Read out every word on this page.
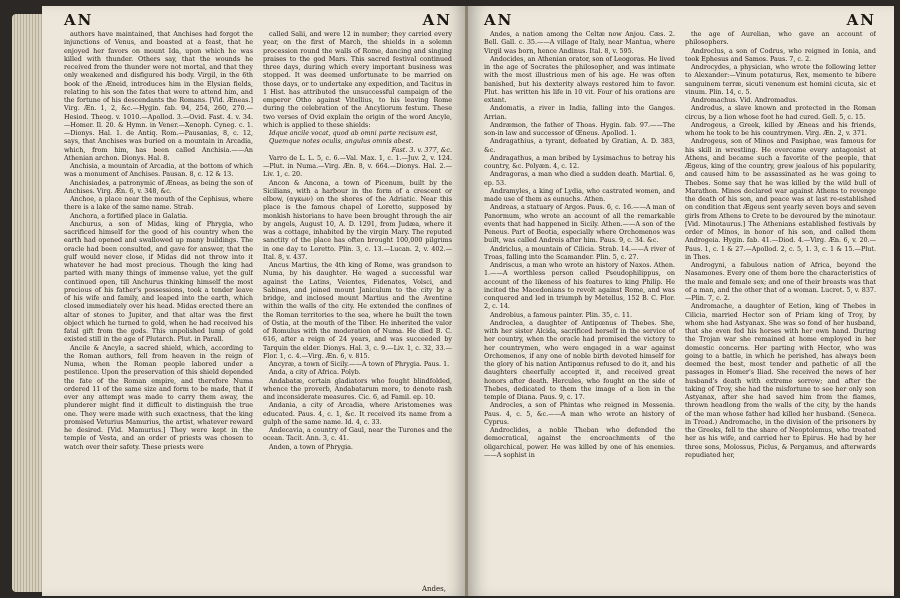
AN	AN

authors have maintained, that Anchises had forgot the injunctions of Venus, and boasted at a feast, that he enjoyed her favors on mount Ida, upon which he was killed with thunder. Others say, that the wounds he received from the thunder were not mortal, and that they only weakened and disfigured his body. Virgil, in the 6th book of the Æneid, introduces him in the Elysian fields, relating to his son the fates that were to attend him, and the fortune of his descendants the Romans. [Vid. Æneas.] Virg. Æn. 1, 2, &c.—Hygin. fab. 94, 254, 260, 270.—Hesiod. Theog. v. 1010.—Apollod. 3.—Ovid. Fast. 4. v. 34.—Homer. Il. 20. & Hymn. in Vener.—Xenoph. Cyneg. c. 1.—Dionys. Hal. 1. de Antiq. Rom.—Pausanias, 8, c. 12, says, that Anchises was buried on a mountain in Arcadia, which, from him, has been called Anchisia.——An Athenian archon. Dionys. Hal. 8.

Anchisia, a mountain of Arcadia, at the bottom of which was a monument of Anchises. Pausan. 8, c. 12 & 13.

Anchisiades, a patronymic of Æneas, as being the son of Anchises. Virg. Æn. 6, v. 348, &c.

Anchoe, a place near the mouth of the Cephisus, where there is a lake of the same name. Strab.

Anchora, a fortified place in Galatia.

Anchurus, a son of Midas, king of Phrygia, who sacrificed himself for the good of his country when the earth had opened and swallowed up many buildings. The oracle had been consulted, and gave for answer, that the gulf would never close, if Midas did not throw into it whatever he had most precious. Though the king had parted with many things of immense value, yet the gulf continued open, till Anchurus thinking himself the most precious of his father's possessions, took a tender leave of his wife and family, and leaped into the earth, which closed immediately over his head. Midas erected there an altar of stones to Jupiter, and that altar was the first object which he turned to gold, when he had received his fatal gift from the gods. This unpolished lump of gold existed still in the age of Plutarch. Plut. in Parall.

Ancile & Ancyle, a sacred shield, which, according to the Roman authors, fell from heaven in the reign of Numa, when the Roman people labored under a pestilence. Upon the preservation of this shield depended the fate of the Roman empire, and therefore Numa ordered 11 of the same size and form to be made, that if ever any attempt was made to carry them away, the plunderer might find it difficult to distinguish the true one. They were made with such exactness, that the king promised Veturius Mamurius, the artist, whatever reward he desired. [Vid. Mamurius.] They were kept in the temple of Vesta, and an order of priests was chosen to watch over their safety. These priests were

called Salii, and were 12 in number; they carried every year, on the first of March, the shields in a solemn procession round the walls of Rome, dancing and singing praises to the god Mars. This sacred festival continued three days, during which every important business was stopped. It was deemed unfortunate to be married on those days, or to undertake any expedition, and Tacitus in 1 Hist. has attributed the unsuccessful campaign of the emperor Otho against Vitellius, to his leaving Rome during the celebration of the Ancyliorum festum. These two verses of Ovid explain the origin of the word Ancyle, which is applied to these shields:

Idque ancile vocat, quod ab omni parte recisum est,

Quemque notes oculis, angulus omnis abest.

Fast. 3. v. 377, &c.

Varro de L. L. 5, c. 6.—Val. Max. 1, c. 1.—Juv. 2, v. 124.—Plut. in Numa.—Virg. Æn. 8, v. 664.—Dionys. Hal. 2.—Liv. 1, c. 20.

Ancon & Ancona, a town of Picenum, built by the Sicilians, with a harbour in the form of a crescent or elbow, (αγκων) on the shores of the Adriatic. Near this place is the famous chapel of Loretto, supposed by monkish historians to have been brought through the air by angels, August 10, A. D. 1291, from Judæa, where it was a cottage, inhabited by the virgin Mary. The reputed sanctity of the place has often brought 100,000 pilgrims in one day to Loretto. Plin. 3, c. 13.—Lucan. 2, v. 402.—Ital. 8, v. 437.

Ancus Martius, the 4th king of Rome, was grandson to Numa, by his daughter. He waged a successful war against the Latins, Veientes, Fidenates, Volsci, and Sabines, and joined mount Janiculum to the city by a bridge, and inclosed mount Martius and the Aventine within the walls of the city. He extended the confines of the Roman territories to the sea, where he built the town of Ostia, at the mouth of the Tiber. He inherited the valor of Romulus with the moderation of Numa. He died B. C. 616, after a reign of 24 years, and was succeeded by Tarquin the elder. Dionys. Hal. 3, c. 9.—Liv. 1, c. 32, 33.—Flor. 1, c. 4.—Virg. Æn. 6, v. 815.

Ancyræ, a town of Sicily.——A town of Phrygia. Paus. 1.

Anda, a city of Africa. Polyb.

Andabatæ, certain gladiators who fought blindfolded, whence the proverb, Andabatarum more, to denote rash and inconsiderate measures. Cic. 6, ad Famil. ep. 10.

Andania, a city of Arcadia, where Aristomenes was educated. Paus. 4, c. 1, &c. It received its name from a gulph of the same name. Id. 4, c. 33.

Andecavia, a country of Gaul, near the Turones and the ocean. Tacit. Ann. 3, c. 41.

Anden, a town of Phrygia.

Andes,
AN	AN

Andes, a nation among the Celtæ now Anjou. Cæs. 2. Bell. Gall. c. 35.——A village of Italy, near Mantua, where Virgil was born, hence Andinus. Ital. 8, v. 595.

Andocides, an Athenian orator, son of Leogoras. He lived in the age of Socrates the philosopher, and was intimate with the most illustrious men of his age. He was often banished, but his dexterity always restored him to favor. Plut. has written his life in 10 vit. Four of his orations are extant.

Andomatis, a river in India, falling into the Ganges. Arrian.

Andræmon, the father of Thoas. Hygin. fab. 97.——The son-in law and successor of Œneus. Apollod. 1.

Andragathius, a tyrant, defeated by Gratian, A. D. 383, &c.

Andragathus, a man bribed by Lysimachus to betray his country, &c. Polyæn. 4, c. 12.

Andragoras, a man who died a sudden death. Martial. 6, ep. 53.

Andramyles, a king of Lydia, who castrated women, and made use of them as eunuchs. Athen.

Andreas, a statuary of Argos. Paus. 6, c. 16.——A man of Panormum, who wrote an account of all the remarkable events that had happened in Sicily. Athen.——A son of the Peneus. Part of Beotia, especially where Orchomenos was built, was called Andreis after him. Paus. 9, c. 34. &c.

Andriclus, a mountain of Cilicia. Strab. 14.——A river of Troas, falling into the Scamander. Plin. 5, c. 27.

Andriscus, a man who wrote an history of Naxos. Athen. 1.——A worthless person called Pseudophilippus, on account of the likeness of his features to king Philip. He incited the Macedonians to revolt against Rome, and was conquered and led in triumph by Metellus, 152 B. C. Flor. 2, c. 14.

Androbius, a famous painter. Plin. 35, c. 11.

Androclea, a daughter of Antipœnus of Thebes. She, with her sister Alcida, sacrificed herself in the service of her country, when the oracle had promised the victory to her countrymen, who were engaged in a war against Orchomenos, if any one of noble birth devoted himself for the glory of his nation Antipœnus refused to do it, and his daughters cheerfully accepted it, and received great honors after death. Hercules, who fought on the side of Thebes, dedicated to them the image of a lion in the temple of Diana. Paus. 9, c. 17.

Androcles, a son of Phintas who reigned in Messenia. Paus. 4, c. 5, &c.——A man who wrote an history of Cyprus.

Androclides, a noble Theban who defended the democratical, against the encroachments of the oligarchical, power. He was killed by one of his enemies.——A sophist in

the age of Aurelian, who gave an account of philosophers.

Androclus, a son of Codrus, who reigned in Ionia, and took Ephesus and Samos. Paus. 7, c. 2.

Androcydes, a physician, who wrote the following letter to Alexander:—Vinum potaturus, Rex, memento te bibere sanguinem terræ, sicuti venenum est homini cicuta, sic et vinum. Plin. 14, c. 5.

Andromachus. Vid. Andromadus.

Androdus, a slave known and protected in the Roman circus, by a lion whose foot he had cured. Gell. 5, c. 15.

Androgeus, a Greek, killed by Æneas and his friends, whom he took to be his countrymen. Virg. Æn. 2, v. 371.

Androgeus, son of Minos and Pasiphae, was famous for his skill in wrestling. He overcame every antagonist at Athens, and became such a favorite of the people, that Ægeus, king of the country, grew jealous of his popularity, and caused him to be assassinated as he was going to Thebes. Some say that he was killed by the wild bull of Marathon. Minos declared war against Athens to revenge the death of his son, and peace was at last re-established on condition that Ægeus sent yearly seven boys and seven girls from Athens to Crete to be devoured by the minotaur. [Vid. Minotaurus.] The Athenians established festivals by order of Minos, in honor of his son, and called them Androgeia. Hygin. fab. 41.—Diod. 4.—Virg. Æn. 6, v. 20.—Paus. 1, c. 1 & 27.—Apollod. 2, c. 5, 1. 3, c. 1 & 15.—Plut. in Thes.

Androgyni, a fabulous nation of Africa, beyond the Nasamones. Every one of them bore the characteristics of the male and female sex; and one of their breasts was that of a man, and the other that of a woman. Lucret. 5, v. 837.—Plin. 7, c. 2.

Andromache, a daughter of Eetion, king of Thebes in Cilicia, married Hector son of Priam king of Troy, by whom she had Astyanax. She was so fond of her husband, that she even fed his horses with her own hand. During the Trojan war she remained at home employed in her domestic concerns. Her parting with Hector, who was going to a battle, in which he perished, has always been deemed the best, most tender and pathetic of all the passages in Homer's Iliad. She received the news of her husband's death with extreme sorrow; and after the taking of Troy, she had the misfortune to see her only son Astyanax, after she had saved him from the flames, thrown headlong from the walls of the city, by the hands of the man whose father had killed her husband. (Seneca. in Troad.) Andromache, in the division of the prisoners by the Greeks, fell to the share of Neoptolemus, who treated her as his wife, and carried her to Epirus. He had by her three sons, Molossus, Piclus, & Pergamus, and afterwards repudiated her,
